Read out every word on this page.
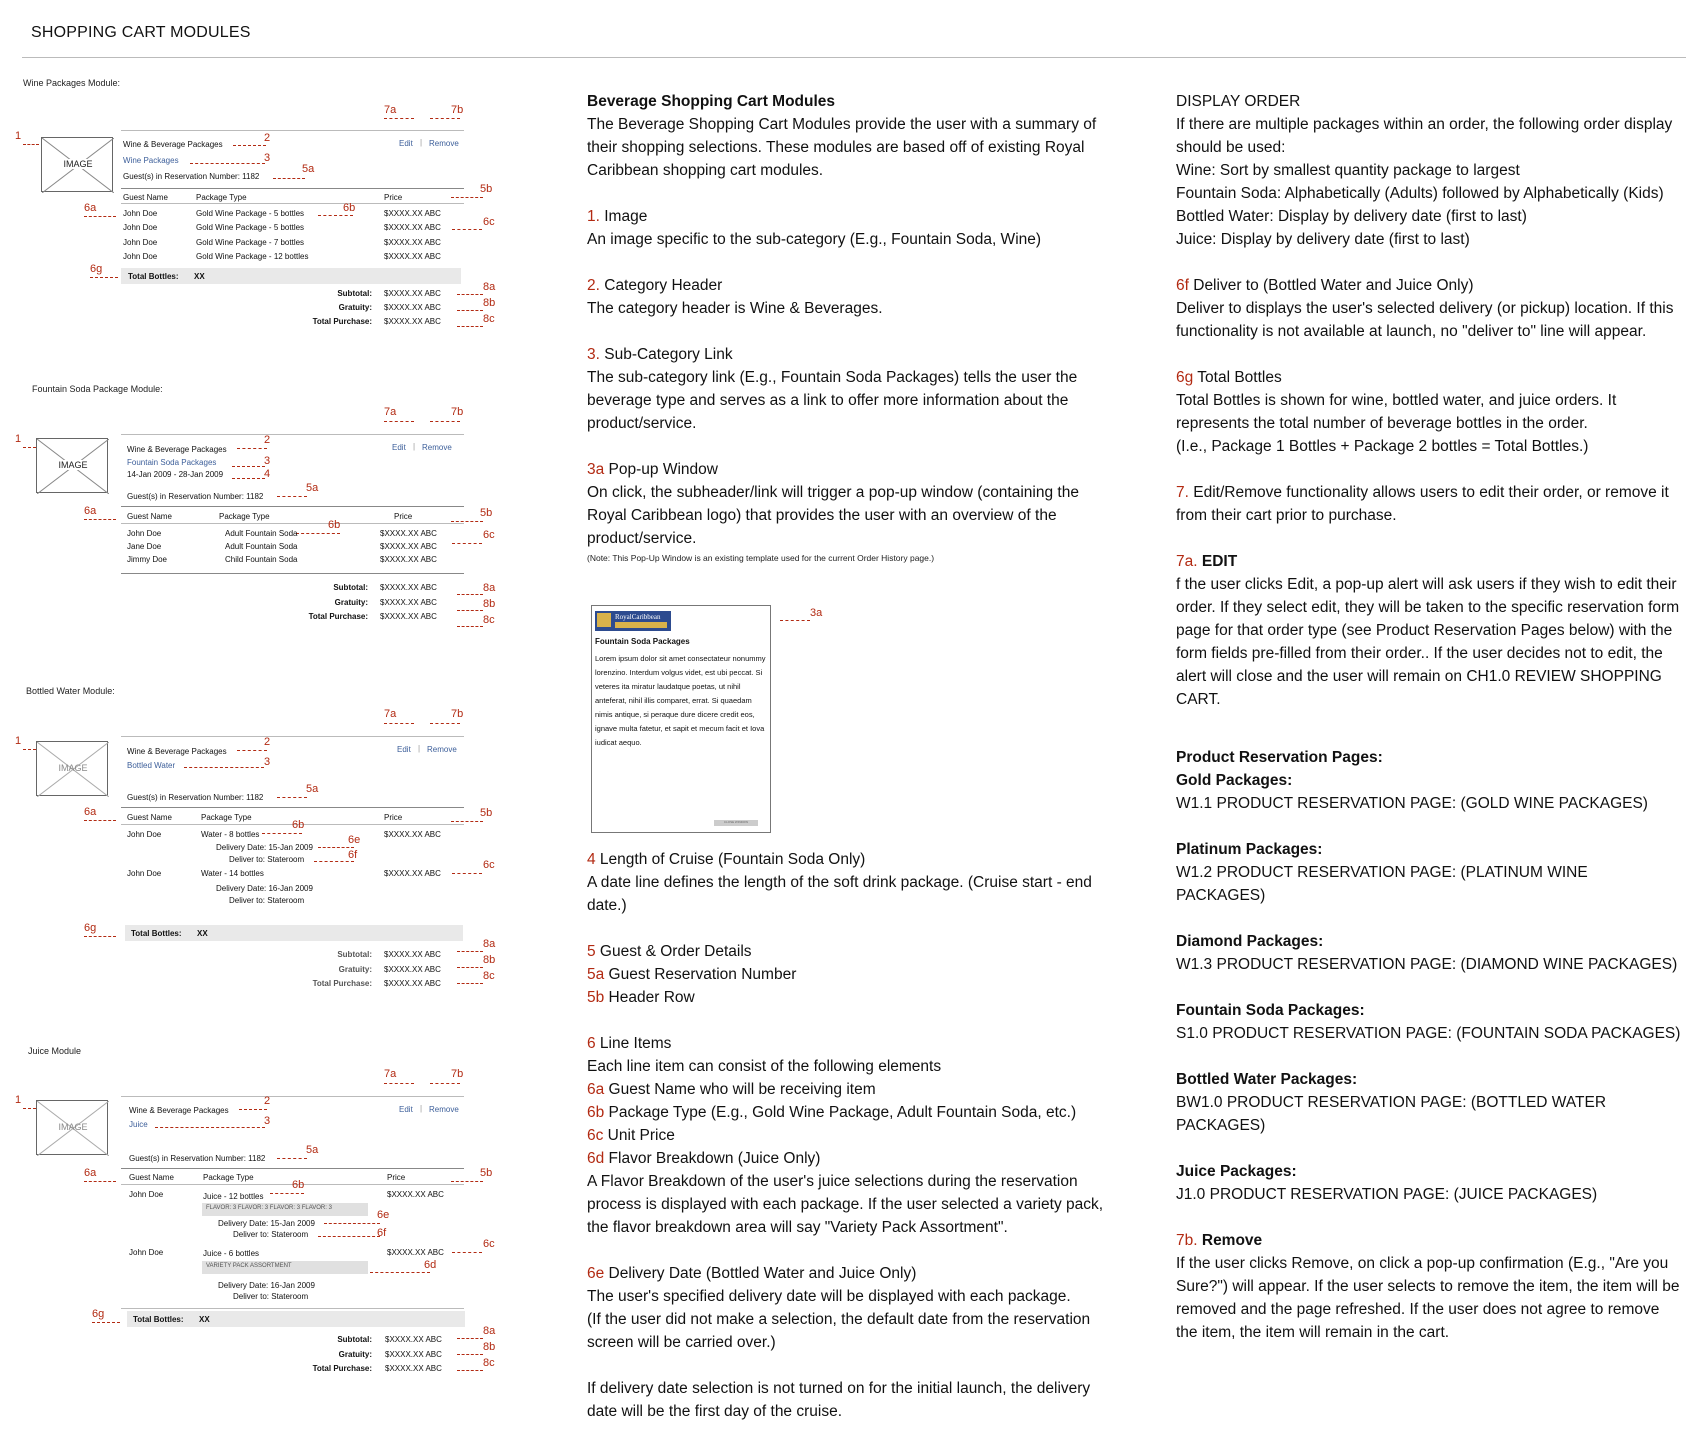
SHOPPING CART MODULES
Wine Packages Module:
7a	7b
1
IMAGE
Wine & Beverage Packages
2	Edit | Remove
Wine Packages	3
Guest(s) in Reservation Number: 1182
5a
5b
Guest Name	Package Type	Price
6a	6b
6c
John Doe	Gold Wine Package - 5 bottles	$XXXX.XX ABC
John Doe	Gold Wine Package - 5 bottles	$XXXX.XX ABC
John Doe	Gold Wine Package - 7 bottles	$XXXX.XX ABC
John Doe	Gold Wine Package - 12 bottles	$XXXX.XX ABC
6g
Total Bottles: XX
Subtotal: $XXXX.XX ABC
Gratuity: $XXXX.XX ABC
Total Purchase: $XXXX.XX ABC
8a
8b
8c
Fountain Soda Package Module:
7a	7b
1
IMAGE
Wine & Beverage Packages
2
Edit | Remove
Fountain Soda Packages	3
14-Jan 2009 - 28-Jan 2009	4
Guest(s) in Reservation Number: 1182
5a
5b
Guest Name	Package Type	Price
6a
6b
6c
John Doe	Adult Fountain Soda	$XXXX.XX ABC
Jane Doe	Adult Fountain Soda	$XXXX.XX ABC
Jimmy Doe	Child Fountain Soda	$XXXX.XX ABC
Subtotal: $XXXX.XX ABC
Gratuity: $XXXX.XX ABC
Total Purchase: $XXXX.XX ABC
8a
8b
8c
Bottled Water Module:
7a	7b
1
IMAGE
Wine & Beverage Packages
2
Edit | Remove
Bottled Water	3
Guest(s) in Reservation Number: 1182
5a
5b
Guest Name	Package Type	Price
6a
6b
John Doe	Water - 8 bottles	$XXXX.XX ABC
Delivery Date: 15-Jan 2009
Deliver to: Stateroom
6e
6f
6c
John Doe	Water - 14 bottles	$XXXX.XX ABC
Delivery Date: 16-Jan 2009
Deliver to: Stateroom
6g	Total Bottles: XX
Subtotal: $XXXX.XX ABC
Gratuity: $XXXX.XX ABC
Total Purchase: $XXXX.XX ABC
8a
8b
8c
Juice Module
7a	7b
1
IMAGE
Wine & Beverage Packages
2
Edit | Remove
Juice	3
Guest(s) in Reservation Number: 1182
5a
5b
Guest Name	Package Type	Price
6a
6b
John Doe	Juice - 12 bottles	$XXXX.XX ABC
FLAVOR: 3 FLAVOR: 3 FLAVOR: 3 FLAVOR: 3
Delivery Date: 15-Jan 2009
Deliver to: Stateroom
6e
6f
6c
John Doe	Juice - 6 bottles	$XXXX.XX ABC
VARIETY PACK ASSORTMENT	6d
Delivery Date: 16-Jan 2009
Deliver to: Stateroom
6g	Total Bottles: XX
Subtotal: $XXXX.XX ABC
Gratuity: $XXXX.XX ABC
Total Purchase: $XXXX.XX ABC
8a
8b
8c

Beverage Shopping Cart Modules

The Beverage Shopping Cart Modules provide the user with a summary of their shopping selections. These modules are based off of existing Royal Caribbean shopping cart modules.

1. Image

An image specific to the sub-category (E.g., Fountain Soda, Wine)

2. Category Header

The category header is Wine & Beverages.

3. Sub-Category Link

The sub-category link (E.g., Fountain Soda Packages) tells the user the beverage type and serves as a link to offer more information about the product/service.

3a Pop-up Window

On click, the subheader/link will trigger a pop-up window (containing the Royal Caribbean logo) that provides the user with an overview of the product/service.

(Note: This Pop-Up Window is an existing template used for the current Order History page.)

RoyalCaribbean
Fountain Soda Packages
Lorem ipsum dolor sit amet consectateur nonummy lorenzino. Interdum volgus videt, est ubi peccat. Si veteres ita miratur laudatque poetas, ut nihil anteferat, nihil illis comparet, errat. Si quaedam nimis antique, si peraque dure dicere credit eos, ignave multa fatetur, et sapit et mecum facit et Iova iudicat aequo.
CLOSE WINDOW
3a

4 Length of Cruise (Fountain Soda Only)

A date line defines the length of the soft drink package. (Cruise start - end date.)

5 Guest & Order Details

5a Guest Reservation Number

5b Header Row

6 Line Items

Each line item can consist of the following elements

6a Guest Name who will be receiving item

6b Package Type (E.g., Gold Wine Package, Adult Fountain Soda, etc.)

6c Unit Price

6d Flavor Breakdown (Juice Only)

A Flavor Breakdown of the user's juice selections during the reservation process is displayed with each package. If the user selected a variety pack, the flavor breakdown area will say "Variety Pack Assortment".

6e Delivery Date (Bottled Water and Juice Only)

The user's specified delivery date will be displayed with each package.

(If the user did not make a selection, the default date from the reservation screen will be carried over.)

If delivery date selection is not turned on for the initial launch, the delivery date will be the first day of the cruise.

DISPLAY ORDER

If there are multiple packages within an order, the following order display should be used:

Wine: Sort by smallest quantity package to largest

Fountain Soda: Alphabetically (Adults) followed by Alphabetically (Kids)

Bottled Water: Display by delivery date (first to last)

Juice: Display by delivery date (first to last)

6f Deliver to (Bottled Water and Juice Only)

Deliver to displays the user's selected delivery (or pickup) location. If this functionality is not available at launch, no "deliver to" line will appear.

6g Total Bottles

Total Bottles is shown for wine, bottled water, and juice orders. It represents the total number of beverage bottles in the order.

(I.e., Package 1 Bottles + Package 2 bottles = Total Bottles.)

7. Edit/Remove functionality allows users to edit their order, or remove it from their cart prior to purchase.

7a. EDIT

f the user clicks Edit, a pop-up alert will ask users if they wish to edit their order. If they select edit, they will be taken to the specific reservation form page for that order type (see Product Reservation Pages below) with the form fields pre-filled from their order.. If the user decides not to edit, the alert will close and the user will remain on CH1.0 REVIEW SHOPPING CART.

Product Reservation Pages:

Gold Packages:

W1.1 PRODUCT RESERVATION PAGE: (GOLD WINE PACKAGES)

Platinum Packages:

W1.2 PRODUCT RESERVATION PAGE: (PLATINUM WINE PACKAGES)

Diamond Packages:

W1.3 PRODUCT RESERVATION PAGE: (DIAMOND WINE PACKAGES)

Fountain Soda Packages:

S1.0 PRODUCT RESERVATION PAGE: (FOUNTAIN SODA PACKAGES)

Bottled Water Packages:

BW1.0 PRODUCT RESERVATION PAGE: (BOTTLED WATER PACKAGES)

Juice Packages:

J1.0 PRODUCT RESERVATION PAGE: (JUICE PACKAGES)

7b. Remove

If the user clicks Remove, on click a pop-up confirmation (E.g., "Are you Sure?") will appear. If the user selects to remove the item, the item will be removed and the page refreshed. If the user does not agree to remove the item, the item will remain in the cart.
